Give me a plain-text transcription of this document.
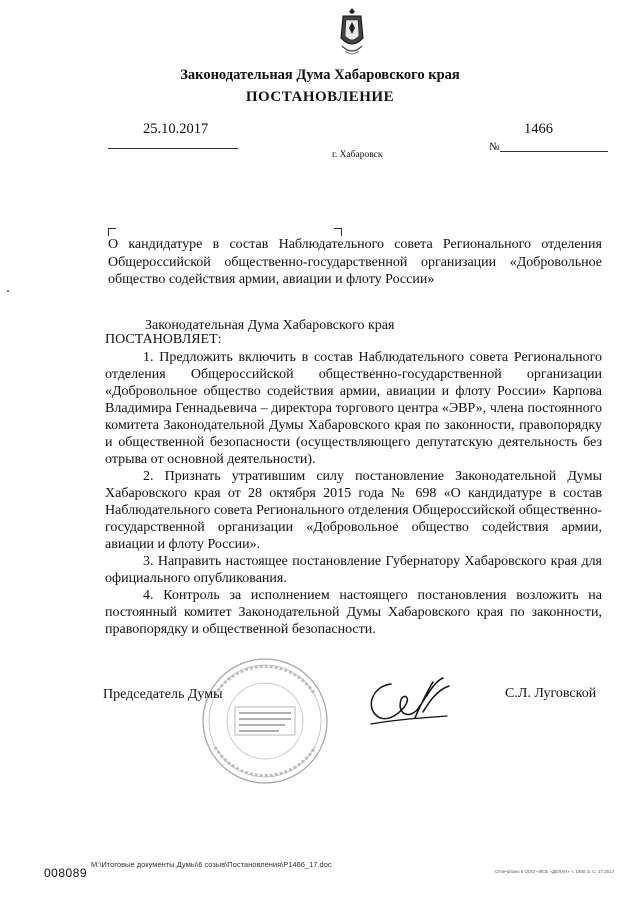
Законодательная Дума Хабаровского края
ПОСТАНОВЛЕНИЕ
25.10.2017	1466
№
г. Хабаровск
О кандидатуре в состав Наблюдательного совета Регионального отделения Общероссийской общественно-государственной организации «Добровольное общество содействия армии, авиации и флоту России»
Законодательная Дума Хабаровского края
ПОСТАНОВЛЯЕТ:

1. Предложить включить в состав Наблюдательного совета Регионального отделения Общероссийской общественно-государственной организации «Добровольное общество содействия армии, авиации и флоту России» Карпова Владимира Геннадьевича – директора торгового центра «ЭВР», члена постоянного комитета Законодательной Думы Хабаровского края по законности, правопорядку и общественной безопасности (осуществляющего депутатскую деятельность без отрыва от основной деятельности).

2. Признать утратившим силу постановление Законодательной Думы Хабаровского края от 28 октября 2015 года № 698 «О кандидатуре в состав Наблюдательного совета Регионального отделения Общероссийской общественно-государственной организации «Добровольное общество содействия армии, авиации и флоту России».

3. Направить настоящее постановление Губернатору Хабаровского края для официального опубликования.

4. Контроль за исполнением настоящего постановления возложить на постоянный комитет Законодательной Думы Хабаровского края по законности, правопорядку и общественной безопасности.

Председатель Думы	С.Л. Луговской
008089
M:\Итоговые документы Думы\6 созыв\Постановления\P1466_17.doc
Отпечатано в ООО «ФСЕ «ДЕЛАН» т. 1400 Э. С. 17.2017
